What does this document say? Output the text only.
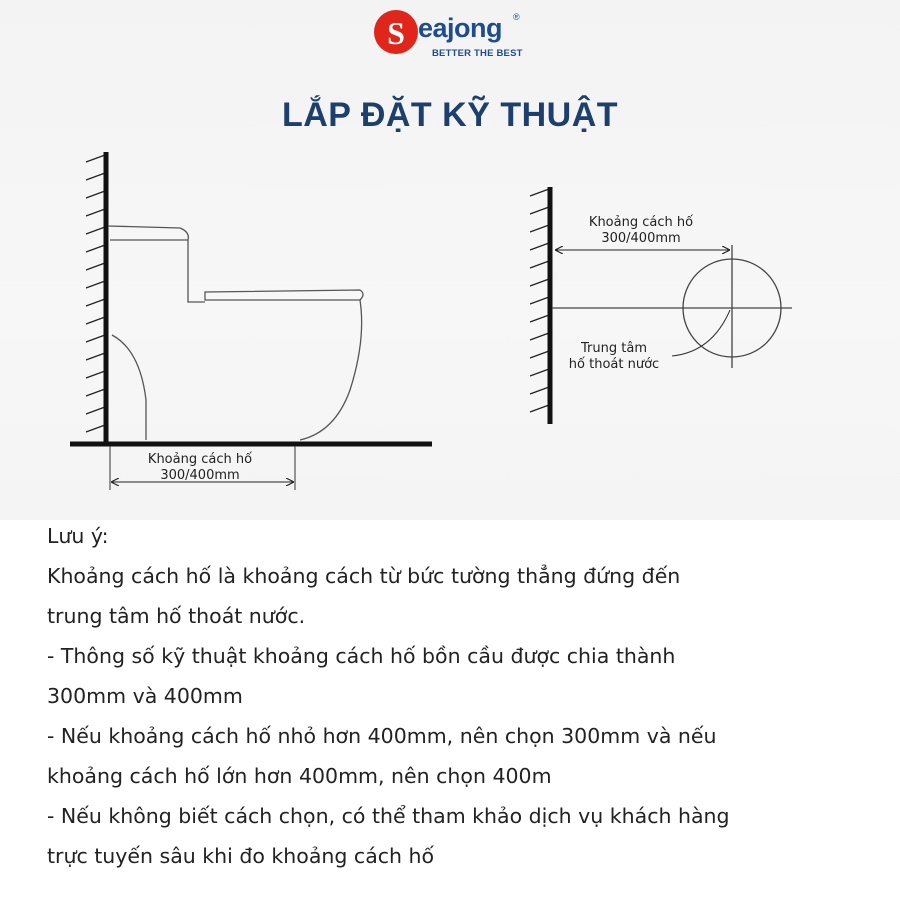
S eajong ®
BETTER THE BEST
LẮP ĐẶT KỸ THUẬT
Khoảng cách hố
300/400mm
Khoảng cách hố
300/400mm
Trung tâm
hố thoát nước

Lưu ý:

Khoảng cách hố là khoảng cách từ bức tường thẳng đứng đến

trung tâm hố thoát nước.

- Thông số kỹ thuật khoảng cách hố bồn cầu được chia thành

300mm và 400mm

- Nếu khoảng cách hố nhỏ hơn 400mm, nên chọn 300mm và nếu

khoảng cách hố lớn hơn 400mm, nên chọn 400m

- Nếu không biết cách chọn, có thể tham khảo dịch vụ khách hàng

trực tuyến sâu khi đo khoảng cách hố
